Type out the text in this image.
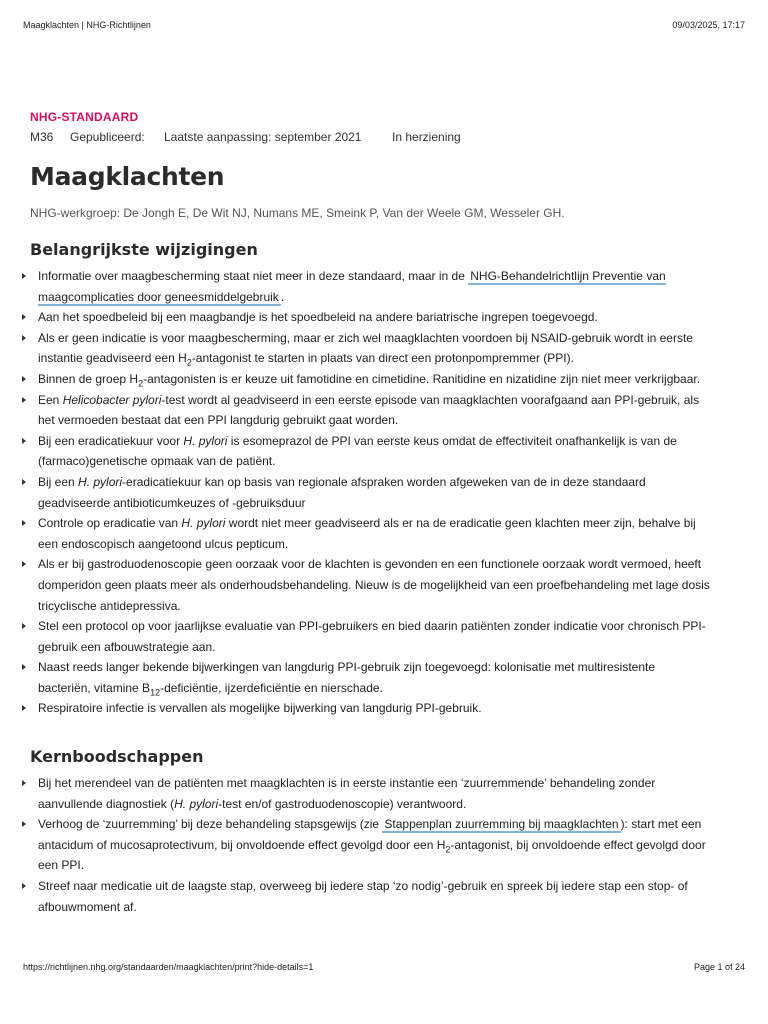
Maagklachten | NHG-Richtlijnen	09/03/2025, 17:17

NHG-STANDAARD

M36	Gepubliceerd:	Laatste aanpassing: september 2021	In herziening
Maagklachten
NHG-werkgroep: De Jongh E, De Wit NJ, Numans ME, Smeink P, Van der Weele GM, Wesseler GH.
Belangrijkste wijzigingen
Informatie over maagbescherming staat niet meer in deze standaard, maar in de NHG-Behandelrichtlijn Preventie van maagcomplicaties door geneesmiddelgebruik .
Aan het spoedbeleid bij een maagbandje is het spoedbeleid na andere bariatrische ingrepen toegevoegd.
Als er geen indicatie is voor maagbescherming, maar er zich wel maagklachten voordoen bij NSAID-gebruik wordt in eerste instantie geadviseerd een $H_2$-antagonist te starten in plaats van direct een protonpompremmer (PPI).
Binnen de groep $H_2$-antagonisten is er keuze uit famotidine en cimetidine. Ranitidine en nizatidine zijn niet meer verkrijgbaar.
Een Helicobacter pylori-test wordt al geadviseerd in een eerste episode van maagklachten voorafgaand aan PPI-gebruik, als het vermoeden bestaat dat een PPI langdurig gebruikt gaat worden.
Bij een eradicatiekuur voor H. pylori is esomeprazol de PPI van eerste keus omdat de effectiviteit onafhankelijk is van de (farmaco)genetische opmaak van de patiënt.
Bij een H. pylori-eradicatiekuur kan op basis van regionale afspraken worden afgeweken van de in deze standaard geadviseerde antibioticumkeuzes of -gebruiksduur
Controle op eradicatie van H. pylori wordt niet meer geadviseerd als er na de eradicatie geen klachten meer zijn, behalve bij een endoscopisch aangetoond ulcus pepticum.
Als er bij gastroduodenoscopie geen oorzaak voor de klachten is gevonden en een functionele oorzaak wordt vermoed, heeft domperidon geen plaats meer als onderhoudsbehandeling. Nieuw is de mogelijkheid van een proefbehandeling met lage dosis tricyclische antidepressiva.
Stel een protocol op voor jaarlijkse evaluatie van PPI-gebruikers en bied daarin patiënten zonder indicatie voor chronisch PPI-gebruik een afbouwstrategie aan.
Naast reeds langer bekende bijwerkingen van langdurig PPI-gebruik zijn toegevoegd: kolonisatie met multiresistente bacteriën, vitamine $B_{12}$-deficiëntie, ijzerdeficiëntie en nierschade.
Respiratoire infectie is vervallen als mogelijke bijwerking van langdurig PPI-gebruik.
Kernboodschappen
Bij het merendeel van de patiënten met maagklachten is in eerste instantie een ‘zuurremmende’ behandeling zonder aanvullende diagnostiek (H. pylori-test en/of gastroduodenoscopie) verantwoord.
Verhoog de ‘zuurremming’ bij deze behandeling stapsgewijs (zie Stappenplan zuurremming bij maagklachten ): start met een antacidum of mucosaprotectivum, bij onvoldoende effect gevolgd door een $H_2$-antagonist, bij onvoldoende effect gevolgd door een PPI.
Streef naar medicatie uit de laagste stap, overweeg bij iedere stap ‘zo nodig’-gebruik en spreek bij iedere stap een stop- of afbouwmoment af.
https://richtlijnen.nhg.org/standaarden/maagklachten/print?hide-details=1	Page 1 of 24
